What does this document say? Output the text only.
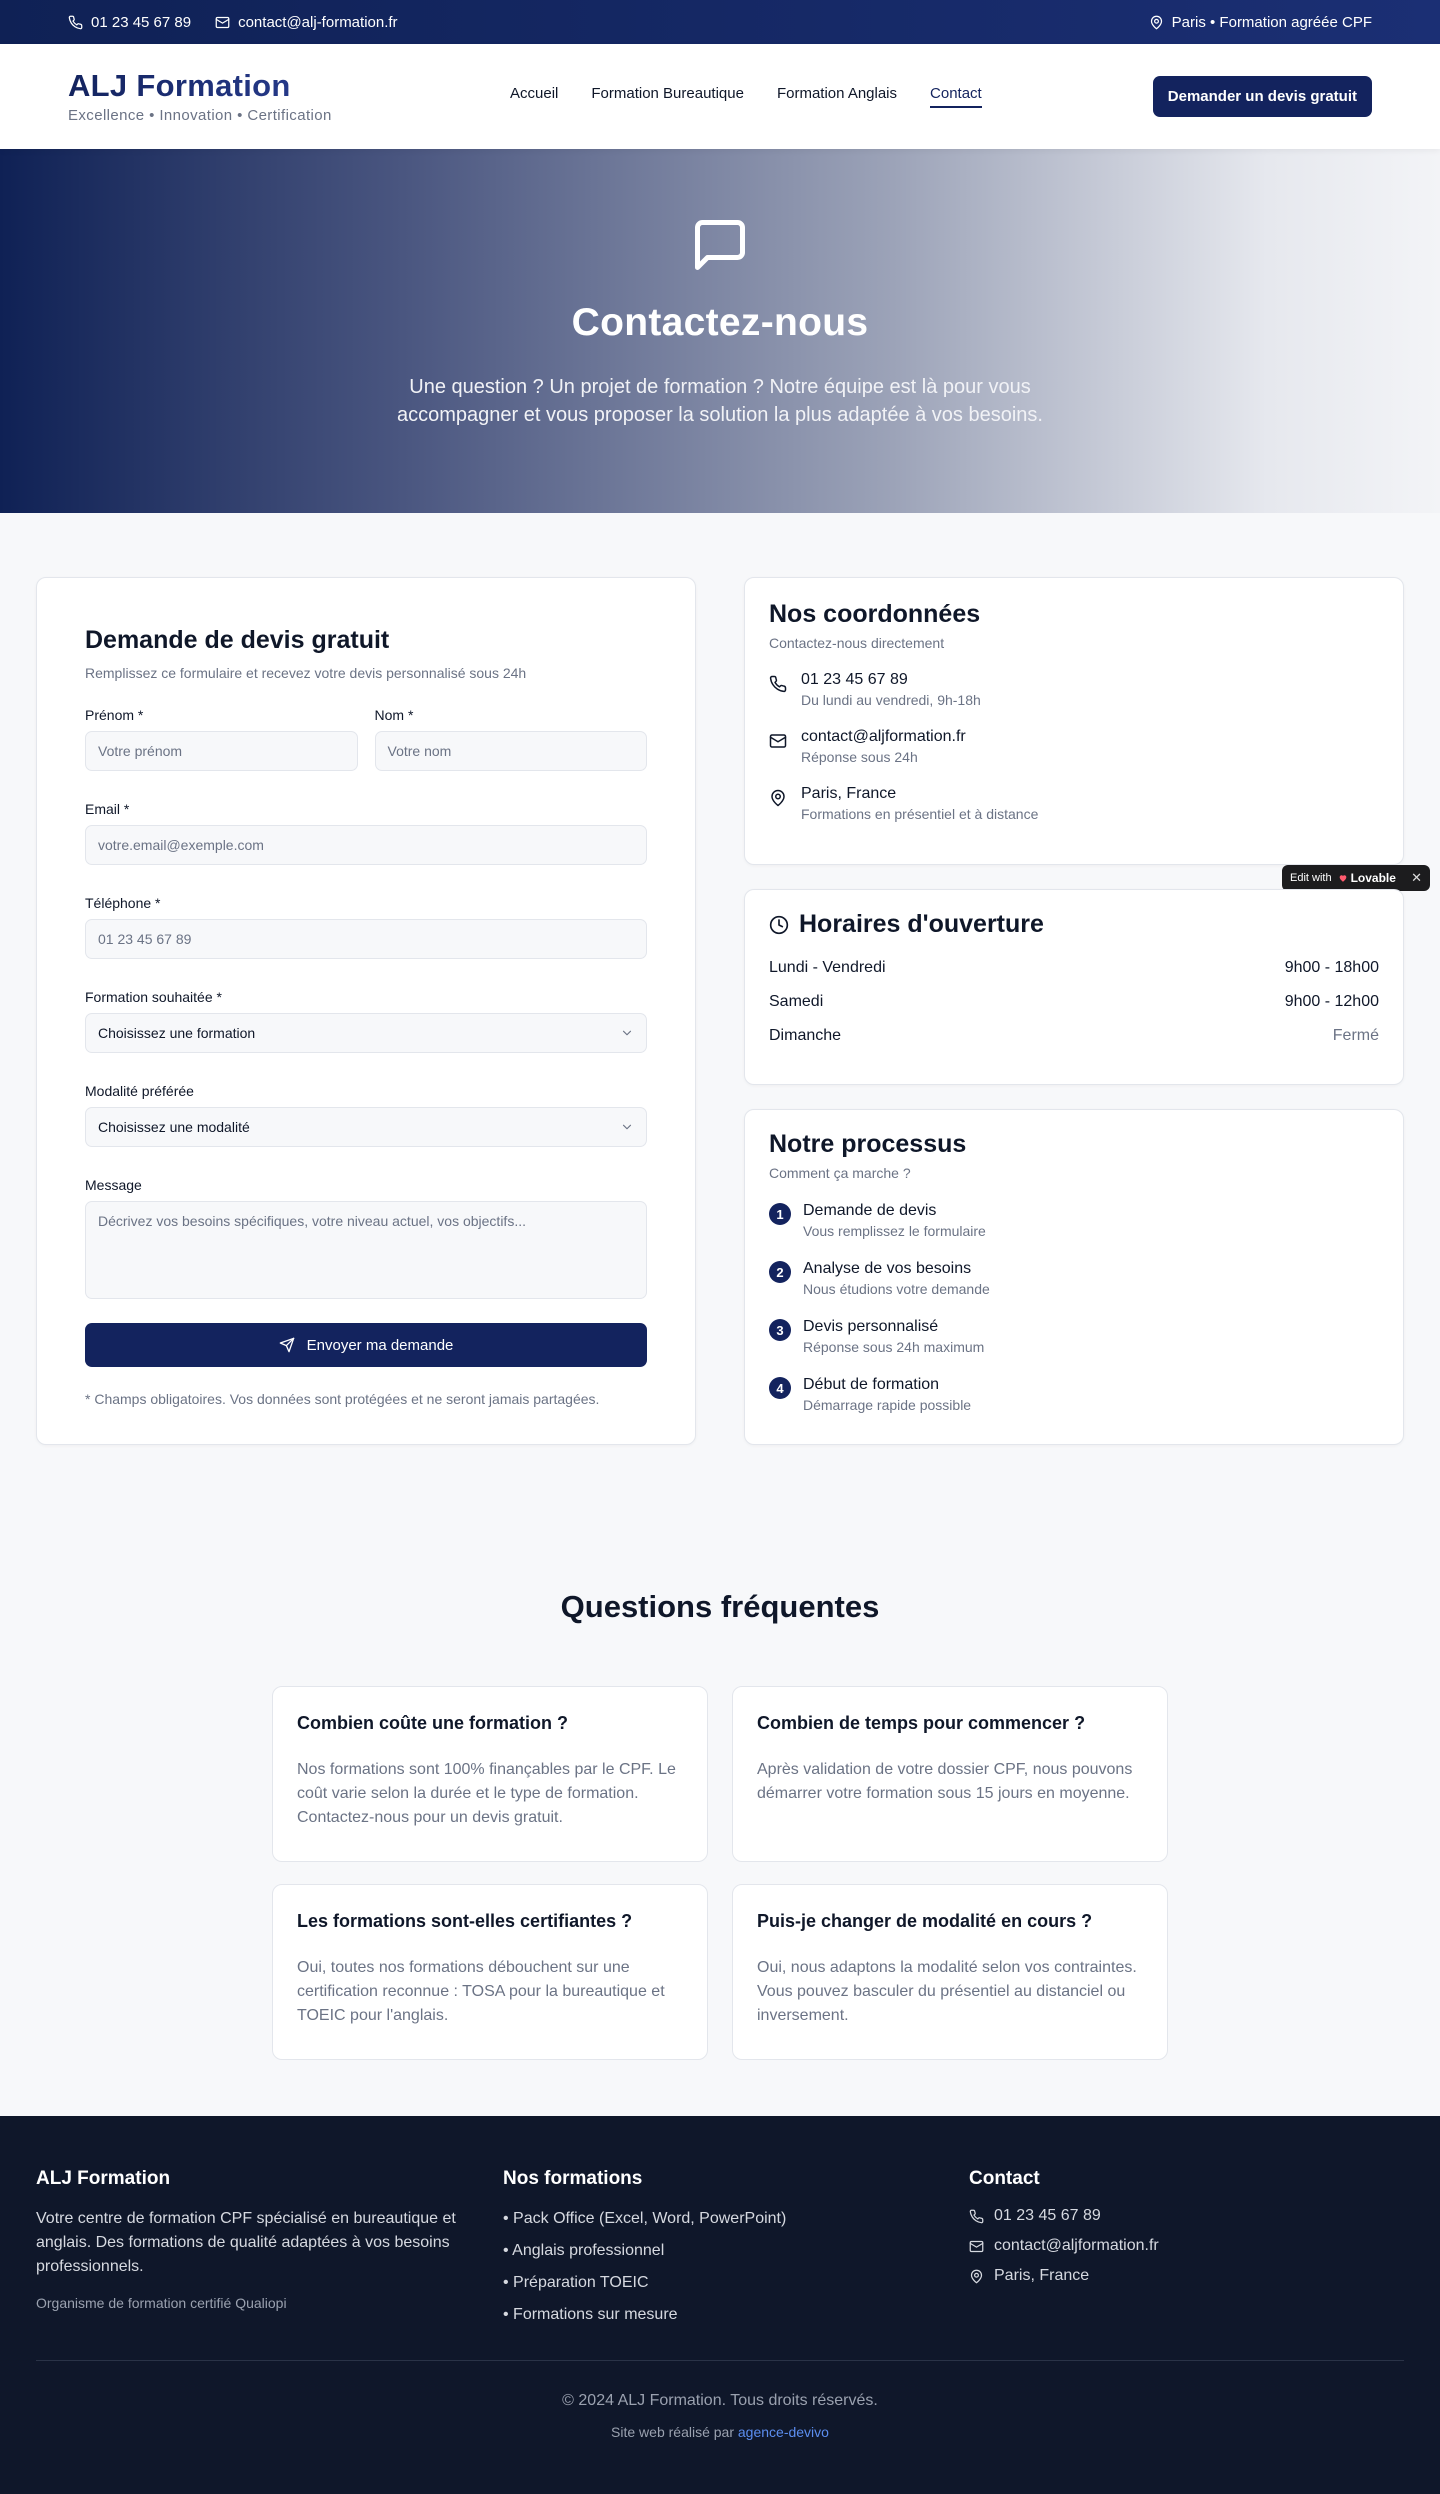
01 23 45 67 89	contact@alj-formation.fr	Paris • Formation agréée CPF
ALJ Formation
Excellence • Innovation • Certification
Accueil Formation Bureautique Formation Anglais Contact	Demander un devis gratuit
Contactez-nous

Une question ? Un projet de formation ? Notre équipe est là pour vous accompagner et vous proposer la solution la plus adaptée à vos besoins.

Demande de devis gratuit
Remplissez ce formulaire et recevez votre devis personnalisé sous 24h
Prénom *
Votre prénom
Nom *
Votre nom
Email *
votre.email@exemple.com
Téléphone *
01 23 45 67 89
Formation souhaitée *
Choisissez une formation
Modalité préférée
Choisissez une modalité
Message
Décrivez vos besoins spécifiques, votre niveau actuel, vos objectifs...
Envoyer ma demande
* Champs obligatoires. Vos données sont protégées et ne seront jamais partagées.
Nos coordonnées
Contactez-nous directement
01 23 45 67 89
Du lundi au vendredi, 9h-18h
contact@aljformation.fr
Réponse sous 24h
Paris, France
Formations en présentiel et à distance
Edit with Lovable ✕
Horaires d'ouverture
Lundi - Vendredi	9h00 - 18h00
Samedi	9h00 - 12h00
Dimanche	Fermé
Notre processus
Comment ça marche ?
1	Demande de devis
Vous remplissez le formulaire
2	Analyse de vos besoins
Nous étudions votre demande
3	Devis personnalisé
Réponse sous 24h maximum
4	Début de formation
Démarrage rapide possible
Questions fréquentes
Combien coûte une formation ?

Nos formations sont 100% finançables par le CPF. Le coût varie selon la durée et le type de formation. Contactez-nous pour un devis gratuit.

Combien de temps pour commencer ?

Après validation de votre dossier CPF, nous pouvons démarrer votre formation sous 15 jours en moyenne.

Les formations sont-elles certifiantes ?

Oui, toutes nos formations débouchent sur une certification reconnue : TOSA pour la bureautique et TOEIC pour l'anglais.

Puis-je changer de modalité en cours ?

Oui, nous adaptons la modalité selon vos contraintes. Vous pouvez basculer du présentiel au distanciel ou inversement.

ALJ Formation

Votre centre de formation CPF spécialisé en bureautique et anglais. Des formations de qualité adaptées à vos besoins professionnels.

Organisme de formation certifié Qualiopi
Nos formations
• Pack Office (Excel, Word, PowerPoint)
• Anglais professionnel
• Préparation TOEIC
• Formations sur mesure
Contact
01 23 45 67 89
contact@aljformation.fr
Paris, France
© 2024 ALJ Formation. Tous droits réservés.
Site web réalisé par agence-devivo
